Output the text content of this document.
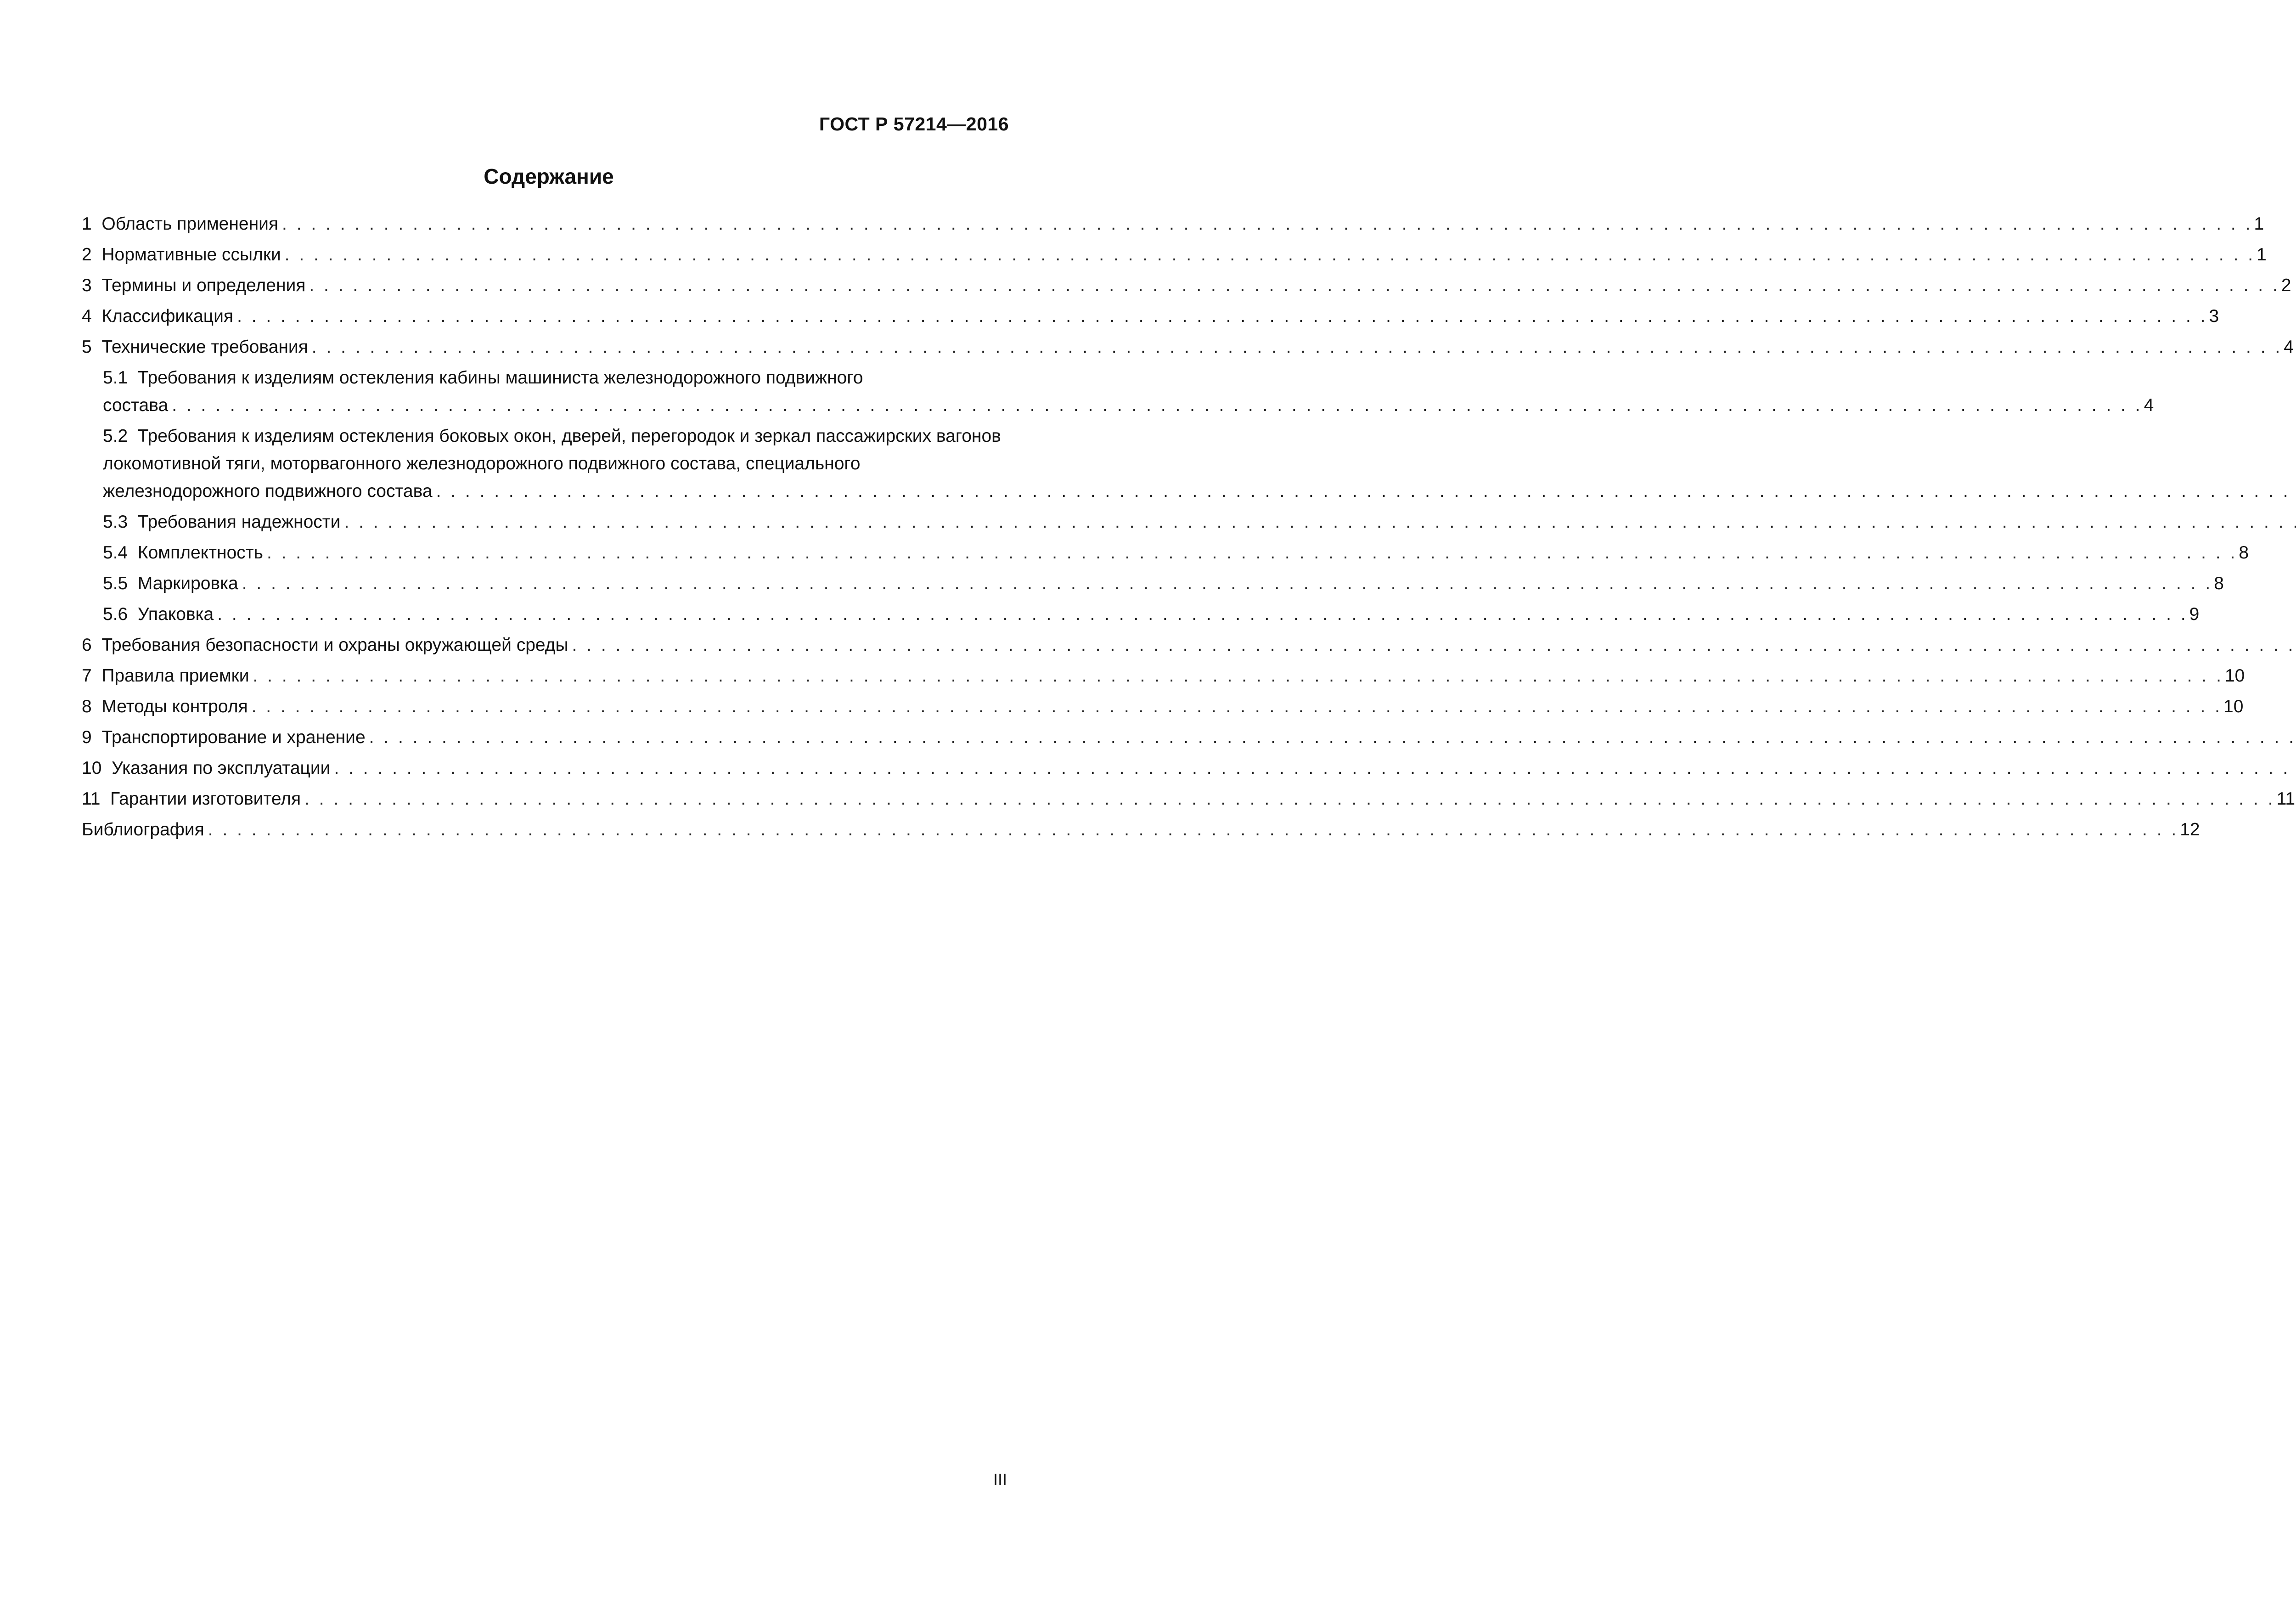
ГОСТ Р 57214—2016
Содержание
1 Область применения . . .	1
2 Нормативные ссылки . . .	1
3 Термины и определения . . .	2
4 Классификация . . .	3
5 Технические требования . . .	4
5.1  Требования к изделиям остекления кабины машиниста железнодорожного подвижного
состава . . .	4
5.2  Требования к изделиям остекления боковых окон, дверей, перегородок и зеркал пассажирских вагонов локомотивной тяги, моторвагонного железнодорожного подвижного состава, специального
железнодорожного подвижного состава
. . .
5.3 Требования надежности
. . .
5.4 Комплектность . . .	8
5.5 Маркировка . . .	8
5.6 Упаковка . . .	9
6 Требования безопасности и охраны окружающей среды
. . .
7 Правила приемки . . .	10
8 Методы контроля . . .	10
9 Транспортирование и хранение
. . .
10 Указания по эксплуатации
. . .
11 Гарантии изготовителя . . .	11
Библиография . . .	12
III
